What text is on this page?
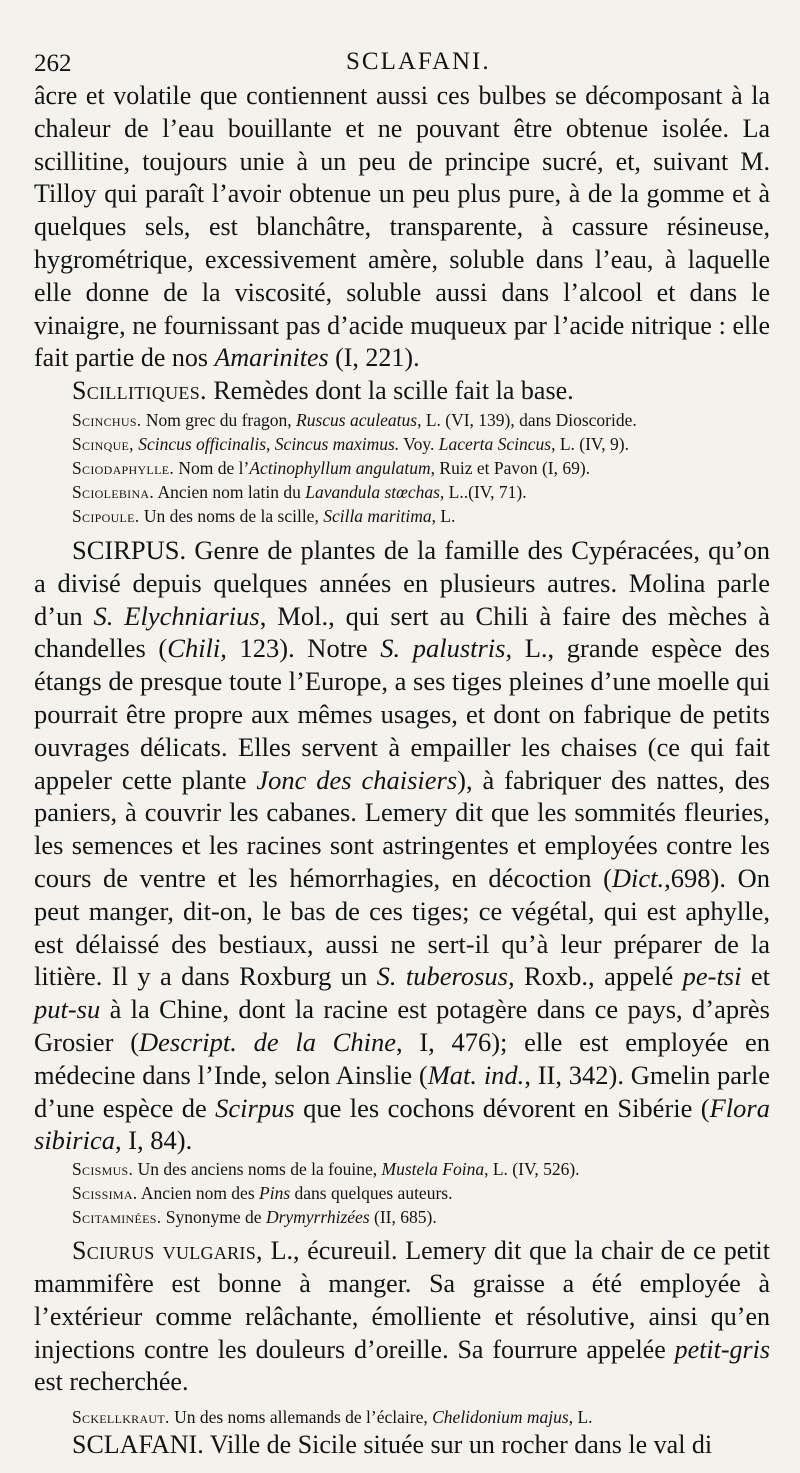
262	SCLAFANI.

âcre et volatile que contiennent aussi ces bulbes se décomposant à la chaleur de l’eau bouillante et ne pouvant être obtenue isolée. La scillitine, toujours unie à un peu de principe sucré, et, suivant M. Tilloy qui paraît l’avoir obtenue un peu plus pure, à de la gomme et à quelques sels, est blanchâtre, transparente, à cassure résineuse, hygrométrique, excessivement amère, soluble dans l’eau, à laquelle elle donne de la viscosité, soluble aussi dans l’alcool et dans le vinaigre, ne fournissant pas d’acide muqueux par l’acide nitrique : elle fait partie de nos Amarinites (I, 221).

Scillitiques. Remèdes dont la scille fait la base.

Scinchus. Nom grec du fragon, Ruscus aculeatus, L. (VI, 139), dans Dioscoride.

Scinque, Scincus officinalis, Scincus maximus. Voy. Lacerta Scincus, L. (IV, 9).

Sciodaphylle. Nom de l’Actinophyllum angulatum, Ruiz et Pavon (I, 69).

Sciolebina. Ancien nom latin du Lavandula stœchas, L..(IV, 71).

Scipoule. Un des noms de la scille, Scilla maritima, L.

SCIRPUS. Genre de plantes de la famille des Cypéracées, qu’on a divisé depuis quelques années en plusieurs autres. Molina parle d’un S. Elychniarius, Mol., qui sert au Chili à faire des mèches à chandelles (Chili, 123). Notre S. palustris, L., grande espèce des étangs de presque toute l’Europe, a ses tiges pleines d’une moelle qui pourrait être propre aux mêmes usages, et dont on fabrique de petits ouvrages délicats. Elles servent à empailler les chaises (ce qui fait appeler cette plante Jonc des chaisiers), à fabriquer des nattes, des paniers, à couvrir les cabanes. Lemery dit que les sommités fleuries, les semences et les racines sont astringentes et employées contre les cours de ventre et les hémorrhagies, en décoction (Dict.,698). On peut manger, dit-on, le bas de ces tiges; ce végétal, qui est aphylle, est délaissé des bestiaux, aussi ne sert-il qu’à leur préparer de la litière. Il y a dans Roxburg un S. tuberosus, Roxb., appelé pe-tsi et put-su à la Chine, dont la racine est potagère dans ce pays, d’après Grosier (Descript. de la Chine, I, 476); elle est employée en médecine dans l’Inde, selon Ainslie (Mat. ind., II, 342). Gmelin parle d’une espèce de Scirpus que les cochons dévorent en Sibérie (Flora sibirica, I, 84).

Scismus. Un des anciens noms de la fouine, Mustela Foina, L. (IV, 526).

Scissima. Ancien nom des Pins dans quelques auteurs.

Scitaminées. Synonyme de Drymyrrhizées (II, 685).

Sciurus vulgaris, L., écureuil. Lemery dit que la chair de ce petit mammifère est bonne à manger. Sa graisse a été employée à l’extérieur comme relâchante, émolliente et résolutive, ainsi qu’en injections contre les douleurs d’oreille. Sa fourrure appelée petit-gris est recherchée.

Sckellkraut. Un des noms allemands de l’éclaire, Chelidonium majus, L.

SCLAFANI. Ville de Sicile située sur un rocher dans le val di
